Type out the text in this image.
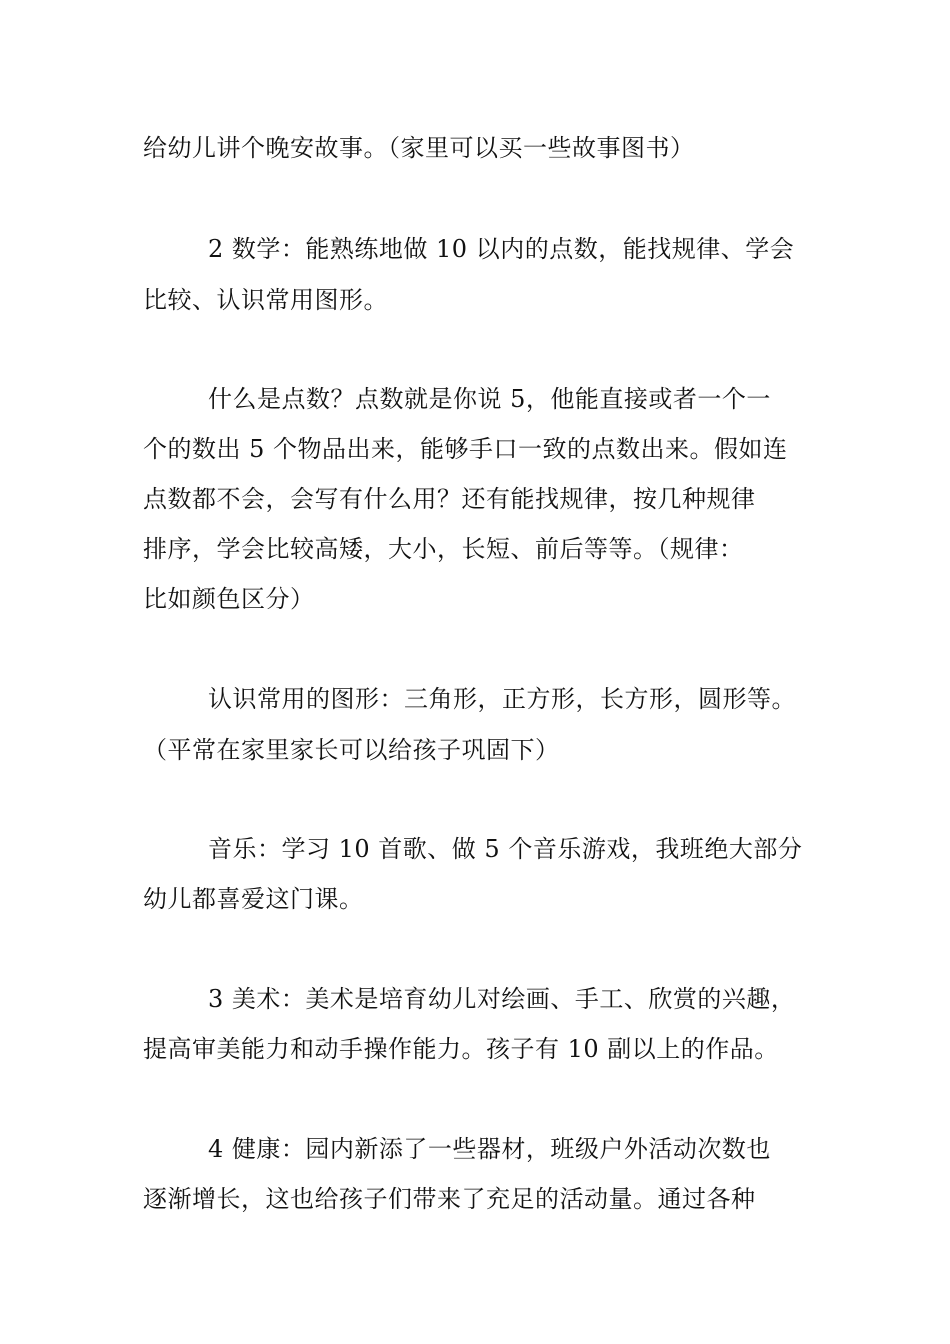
给幼儿讲个晚安故事。（家里可以买一些故事图书）
2 数学：能熟练地做 10 以内的点数，能找规律、学会
比较、认识常用图形。
什么是点数？点数就是你说 5，他能直接或者一个一
个的数出 5 个物品出来，能够手口一致的点数出来。假如连
点数都不会，会写有什么用？还有能找规律，按几种规律
排序，学会比较高矮，大小，长短、前后等等。（规律：
比如颜色区分）
认识常用的图形：三角形，正方形，长方形，圆形等。
（平常在家里家长可以给孩子巩固下）
音乐：学习 10 首歌、做 5 个音乐游戏，我班绝大部分
幼儿都喜爱这门课。
3 美术：美术是培育幼儿对绘画、手工、欣赏的兴趣，
提高审美能力和动手操作能力。孩子有 10 副以上的作品。
4 健康：园内新添了一些器材，班级户外活动次数也
逐渐增长，这也给孩子们带来了充足的活动量。通过各种
